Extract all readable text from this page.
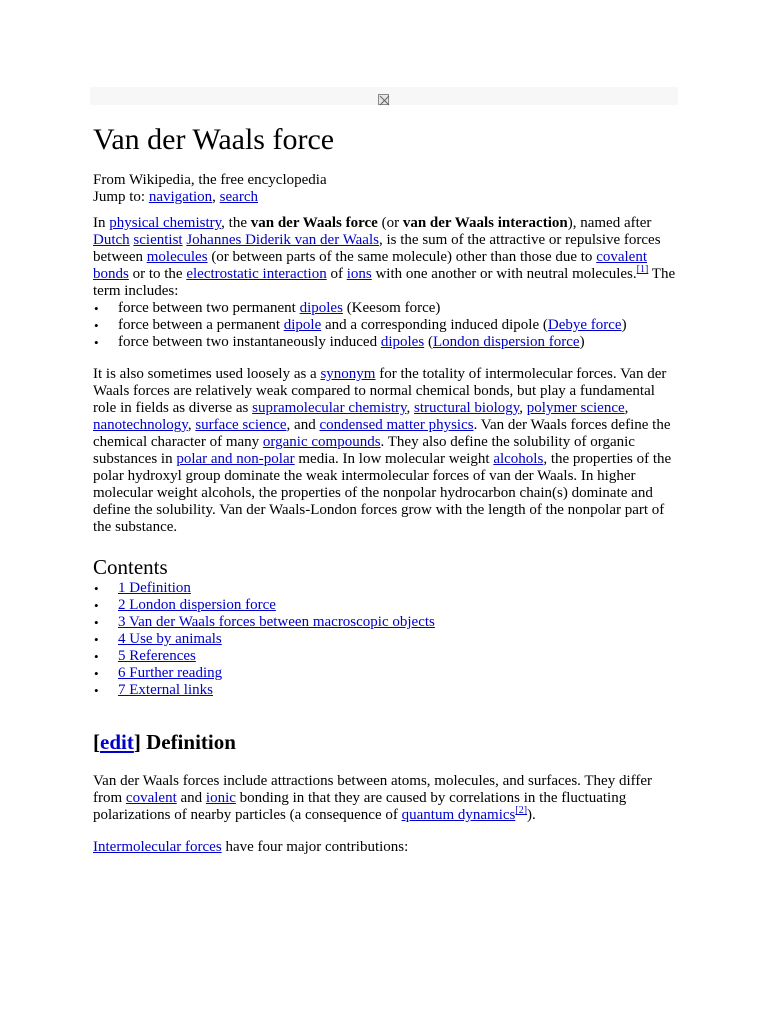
Van der Waals force

From Wikipedia, the free encyclopedia

Jump to: navigation, search

In physical chemistry, the van der Waals force (or van der Waals interaction), named after Dutch scientist Johannes Diderik van der Waals, is the sum of the attractive or repulsive forces between molecules (or between parts of the same molecule) other than those due to covalent bonds or to the electrostatic interaction of ions with one another or with neutral molecules.[1] The term includes:

• force between two permanent dipoles (Keesom force)
• force between a permanent dipole and a corresponding induced dipole (Debye force)
• force between two instantaneously induced dipoles (London dispersion force)

It is also sometimes used loosely as a synonym for the totality of intermolecular forces. Van der Waals forces are relatively weak compared to normal chemical bonds, but play a fundamental role in fields as diverse as supramolecular chemistry, structural biology, polymer science, nanotechnology, surface science, and condensed matter physics. Van der Waals forces define the chemical character of many organic compounds. They also define the solubility of organic substances in polar and non-polar media. In low molecular weight alcohols, the properties of the polar hydroxyl group dominate the weak intermolecular forces of van der Waals. In higher molecular weight alcohols, the properties of the nonpolar hydrocarbon chain(s) dominate and define the solubility. Van der Waals-London forces grow with the length of the nonpolar part of the substance.

Contents
• 1 Definition
• 2 London dispersion force
• 3 Van der Waals forces between macroscopic objects
• 4 Use by animals
• 5 References
• 6 Further reading
• 7 External links
[edit] Definition

Van der Waals forces include attractions between atoms, molecules, and surfaces. They differ from covalent and ionic bonding in that they are caused by correlations in the fluctuating polarizations of nearby particles (a consequence of quantum dynamics[2]).

Intermolecular forces have four major contributions:
